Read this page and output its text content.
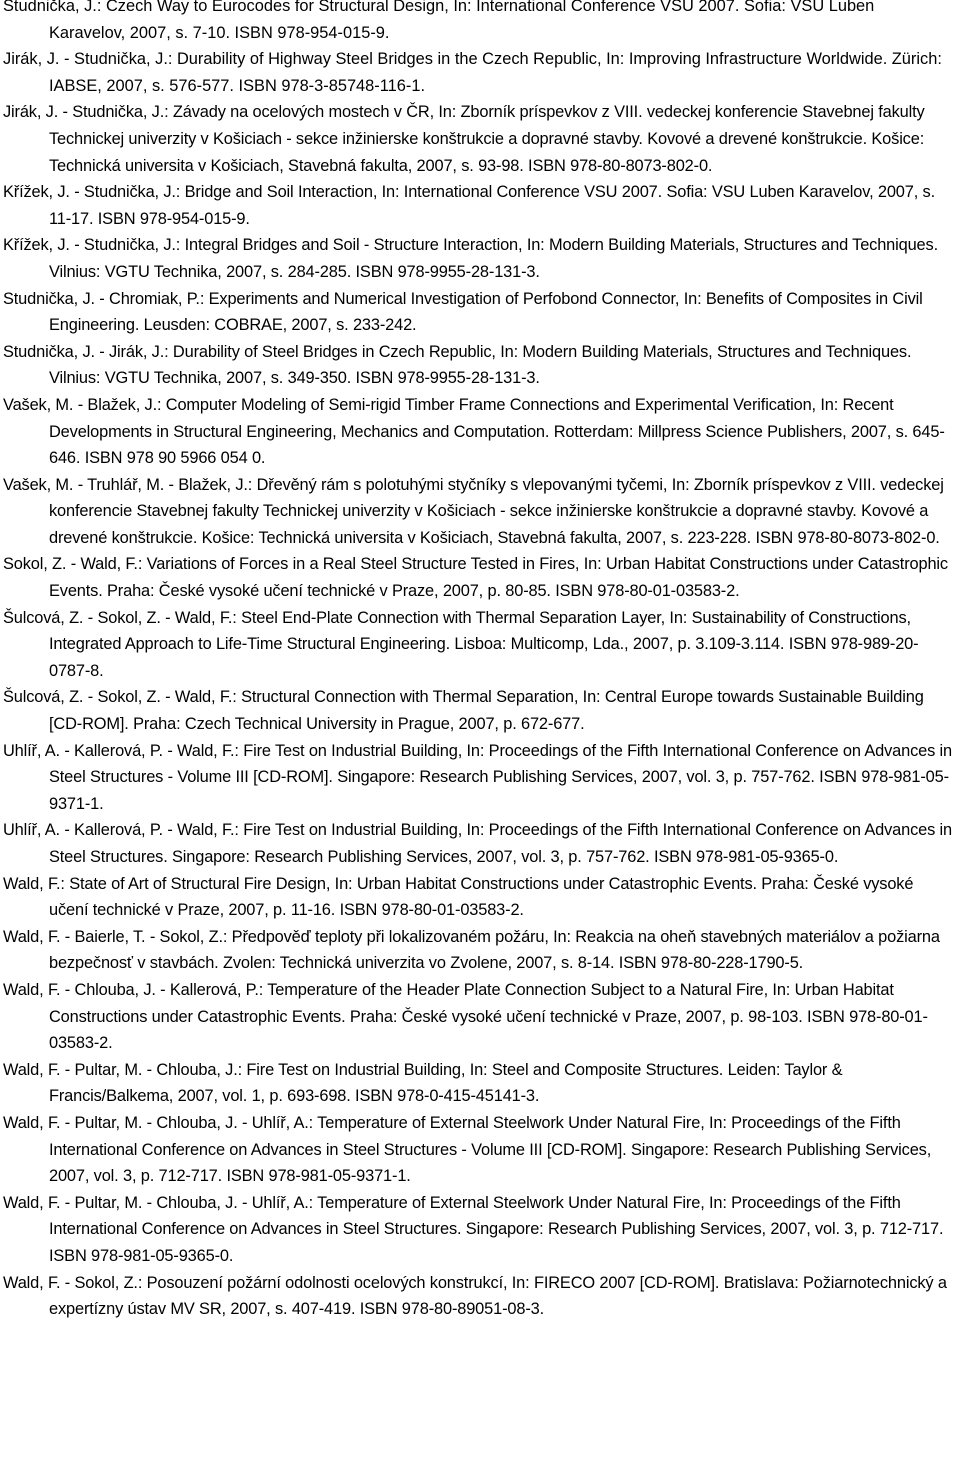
Studnička, J.: Czech Way to Eurocodes for Structural Design, In: International Conference VSU 2007. Sofia: VSU Luben Karavelov, 2007, s. 7-10. ISBN 978-954-015-9.

Jirák, J. - Studnička, J.: Durability of Highway Steel Bridges in the Czech Republic, In: Improving Infrastructure Worldwide. Zürich: IABSE, 2007, s. 576-577. ISBN 978-3-85748-116-1.

Jirák, J. - Studnička, J.: Závady na ocelových mostech v ČR, In: Zborník príspevkov z VIII. vedeckej konferencie Stavebnej fakulty Technickej univerzity v Košiciach - sekce inžinierske konštrukcie a dopravné stavby. Kovové a drevené konštrukcie. Košice: Technická universita v Košiciach, Stavebná fakulta, 2007, s. 93-98. ISBN 978-80-8073-802-0.

Křížek, J. - Studnička, J.: Bridge and Soil Interaction, In: International Conference VSU 2007. Sofia: VSU Luben Karavelov, 2007, s. 11-17. ISBN 978-954-015-9.

Křížek, J. - Studnička, J.: Integral Bridges and Soil - Structure Interaction, In: Modern Building Materials, Structures and Techniques. Vilnius: VGTU Technika, 2007, s. 284-285. ISBN 978-9955-28-131-3.

Studnička, J. - Chromiak, P.: Experiments and Numerical Investigation of Perfobond Connector, In: Benefits of Composites in Civil Engineering. Leusden: COBRAE, 2007, s. 233-242.

Studnička, J. - Jirák, J.: Durability of Steel Bridges in Czech Republic, In: Modern Building Materials, Structures and Techniques. Vilnius: VGTU Technika, 2007, s. 349-350. ISBN 978-9955-28-131-3.

Vašek, M. - Blažek, J.: Computer Modeling of Semi-rigid Timber Frame Connections and Experimental Verification, In: Recent Developments in Structural Engineering, Mechanics and Computation. Rotterdam: Millpress Science Publishers, 2007, s. 645-646. ISBN 978 90 5966 054 0.

Vašek, M. - Truhlář, M. - Blažek, J.: Dřevěný rám s polotuhými styčníky s vlepovanými tyčemi, In: Zborník príspevkov z VIII. vedeckej konferencie Stavebnej fakulty Technickej univerzity v Košiciach - sekce inžinierske konštrukcie a dopravné stavby. Kovové a drevené konštrukcie. Košice: Technická universita v Košiciach, Stavebná fakulta, 2007, s. 223-228. ISBN 978-80-8073-802-0.

Sokol, Z. - Wald, F.: Variations of Forces in a Real Steel Structure Tested in Fires, In: Urban Habitat Constructions under Catastrophic Events. Praha: České vysoké učení technické v Praze, 2007, p. 80-85. ISBN 978-80-01-03583-2.

Šulcová, Z. - Sokol, Z. - Wald, F.: Steel End-Plate Connection with Thermal Separation Layer, In: Sustainability of Constructions, Integrated Approach to Life-Time Structural Engineering. Lisboa: Multicomp, Lda., 2007, p. 3.109-3.114. ISBN 978-989-20-0787-8.

Šulcová, Z. - Sokol, Z. - Wald, F.: Structural Connection with Thermal Separation, In: Central Europe towards Sustainable Building [CD-ROM]. Praha: Czech Technical University in Prague, 2007, p. 672-677.

Uhlíř, A. - Kallerová, P. - Wald, F.: Fire Test on Industrial Building, In: Proceedings of the Fifth International Conference on Advances in Steel Structures - Volume III [CD-ROM]. Singapore: Research Publishing Services, 2007, vol. 3, p. 757-762. ISBN 978-981-05-9371-1.

Uhlíř, A. - Kallerová, P. - Wald, F.: Fire Test on Industrial Building, In: Proceedings of the Fifth International Conference on Advances in Steel Structures. Singapore: Research Publishing Services, 2007, vol. 3, p. 757-762. ISBN 978-981-05-9365-0.

Wald, F.: State of Art of Structural Fire Design, In: Urban Habitat Constructions under Catastrophic Events. Praha: České vysoké učení technické v Praze, 2007, p. 11-16. ISBN 978-80-01-03583-2.

Wald, F. - Baierle, T. - Sokol, Z.: Předpověď teploty při lokalizovaném požáru, In: Reakcia na oheň stavebných materiálov a požiarna bezpečnosť v stavbách. Zvolen: Technická univerzita vo Zvolene, 2007, s. 8-14. ISBN 978-80-228-1790-5.

Wald, F. - Chlouba, J. - Kallerová, P.: Temperature of the Header Plate Connection Subject to a Natural Fire, In: Urban Habitat Constructions under Catastrophic Events. Praha: České vysoké učení technické v Praze, 2007, p. 98-103. ISBN 978-80-01-03583-2.

Wald, F. - Pultar, M. - Chlouba, J.: Fire Test on Industrial Building, In: Steel and Composite Structures. Leiden: Taylor & Francis/Balkema, 2007, vol. 1, p. 693-698. ISBN 978-0-415-45141-3.

Wald, F. - Pultar, M. - Chlouba, J. - Uhlíř, A.: Temperature of External Steelwork Under Natural Fire, In: Proceedings of the Fifth International Conference on Advances in Steel Structures - Volume III [CD-ROM]. Singapore: Research Publishing Services, 2007, vol. 3, p. 712-717. ISBN 978-981-05-9371-1.

Wald, F. - Pultar, M. - Chlouba, J. - Uhlíř, A.: Temperature of External Steelwork Under Natural Fire, In: Proceedings of the Fifth International Conference on Advances in Steel Structures. Singapore: Research Publishing Services, 2007, vol. 3, p. 712-717. ISBN 978-981-05-9365-0.

Wald, F. - Sokol, Z.: Posouzení požární odolnosti ocelových konstrukcí, In: FIRECO 2007 [CD-ROM]. Bratislava: Požiarnotechnický a expertízny ústav MV SR, 2007, s. 407-419. ISBN 978-80-89051-08-3.
